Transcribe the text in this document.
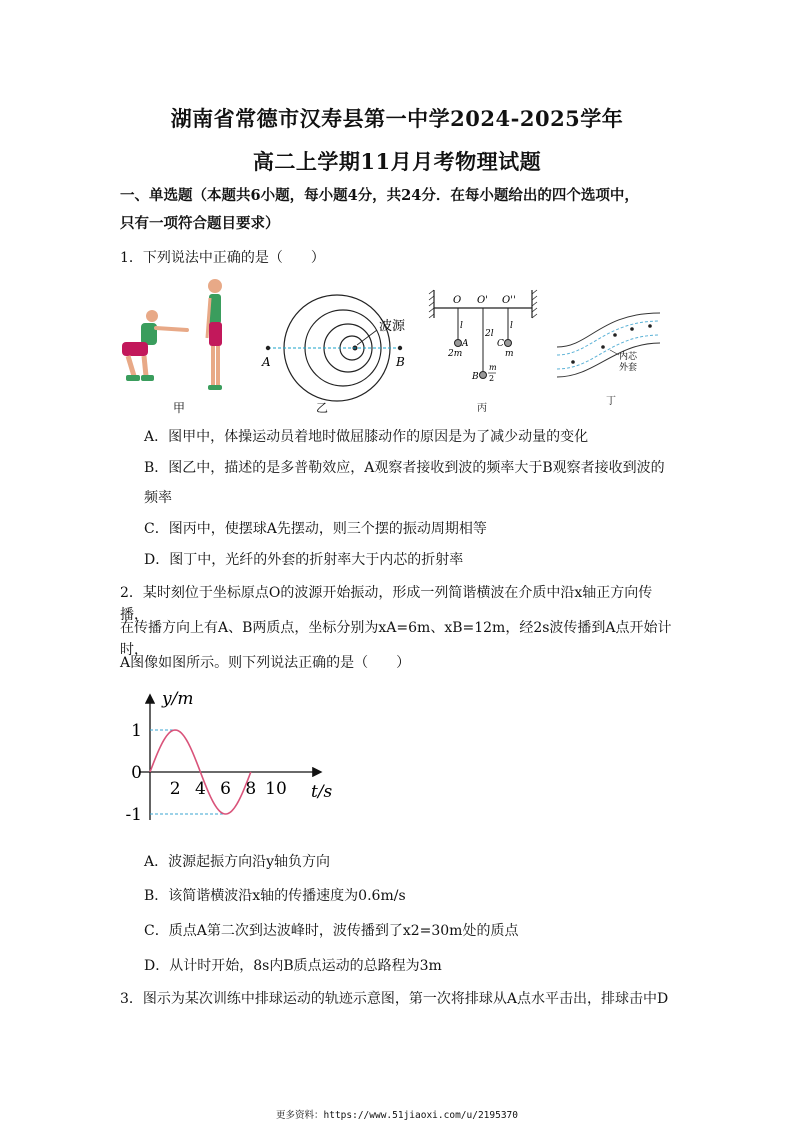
湖南省常德市汉寿县第一中学2024-2025学年
高二上学期11月月考物理试题
一、单选题（本题共6小题，每小题4分，共24分．在每小题给出的四个选项中，
只有一项符合题目要求）
1．下列说法中正确的是（　　）
甲
波源
A	B
乙
O O' O''
l
2l
l
A
2m
C
m
B
m
2
丙
内芯
外套
丁
A．图甲中，体操运动员着地时做屈膝动作的原因是为了减少动量的变化
B．图乙中，描述的是多普勒效应，A观察者接收到波的频率大于B观察者接收到波的
频率
C．图丙中，使摆球A先摆动，则三个摆的振动周期相等
D．图丁中，光纤的外套的折射率大于内芯的折射率
2．某时刻位于坐标原点O的波源开始振动，形成一列简谐横波在介质中沿x轴正方向传播，
在传播方向上有A、B两质点，坐标分别为xA=6m、xB=12m，经2s波传播到A点开始计时，
A图像如图所示。则下列说法正确的是（　　）
2 4 6 8 10
1
0
-1
y/m
t/s
A．波源起振方向沿y轴负方向
B．该简谐横波沿x轴的传播速度为0.6m/s
C．质点A第二次到达波峰时，波传播到了x2=30m处的质点
D．从计时开始，8s内B质点运动的总路程为3m
3．图示为某次训练中排球运动的轨迹示意图，第一次将排球从A点水平击出，排球击中D
更多资料：https://www.51jiaoxi.com/u/2195370
